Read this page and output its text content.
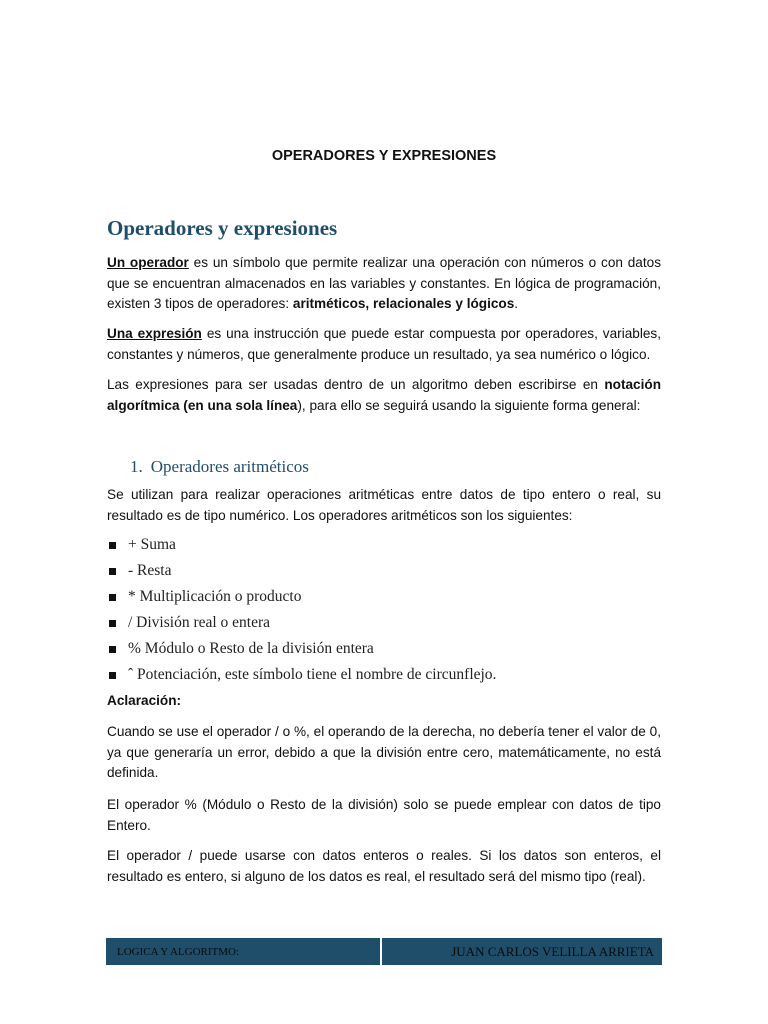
OPERADORES Y EXPRESIONES
Operadores y expresiones
Un operador es un símbolo que permite realizar una operación con números o con datos que se encuentran almacenados en las variables y constantes. En lógica de programación, existen 3 tipos de operadores: aritméticos, relacionales y lógicos.
Una expresión es una instrucción que puede estar compuesta por operadores, variables, constantes y números, que generalmente produce un resultado, ya sea numérico o lógico.
Las expresiones para ser usadas dentro de un algoritmo deben escribirse en notación algorítmica (en una sola línea), para ello se seguirá usando la siguiente forma general:
1. Operadores aritméticos
Se utilizan para realizar operaciones aritméticas entre datos de tipo entero o real, su resultado es de tipo numérico. Los operadores aritméticos son los siguientes:
+ Suma
- Resta
* Multiplicación o producto
/ División real o entera
% Módulo o Resto de la división entera
ˆ Potenciación, este símbolo tiene el nombre de circunflejo.
Aclaración:
Cuando se use el operador / o %, el operando de la derecha, no debería tener el valor de 0, ya que generaría un error, debido a que la división entre cero, matemáticamente, no está definida.
El operador % (Módulo o Resto de la división) solo se puede emplear con datos de tipo Entero.
El operador / puede usarse con datos enteros o reales. Si los datos son enteros, el resultado es entero, si alguno de los datos es real, el resultado será del mismo tipo (real).
LOGICA Y ALGORITMO:	JUAN CARLOS VELILLA ARRIETA
